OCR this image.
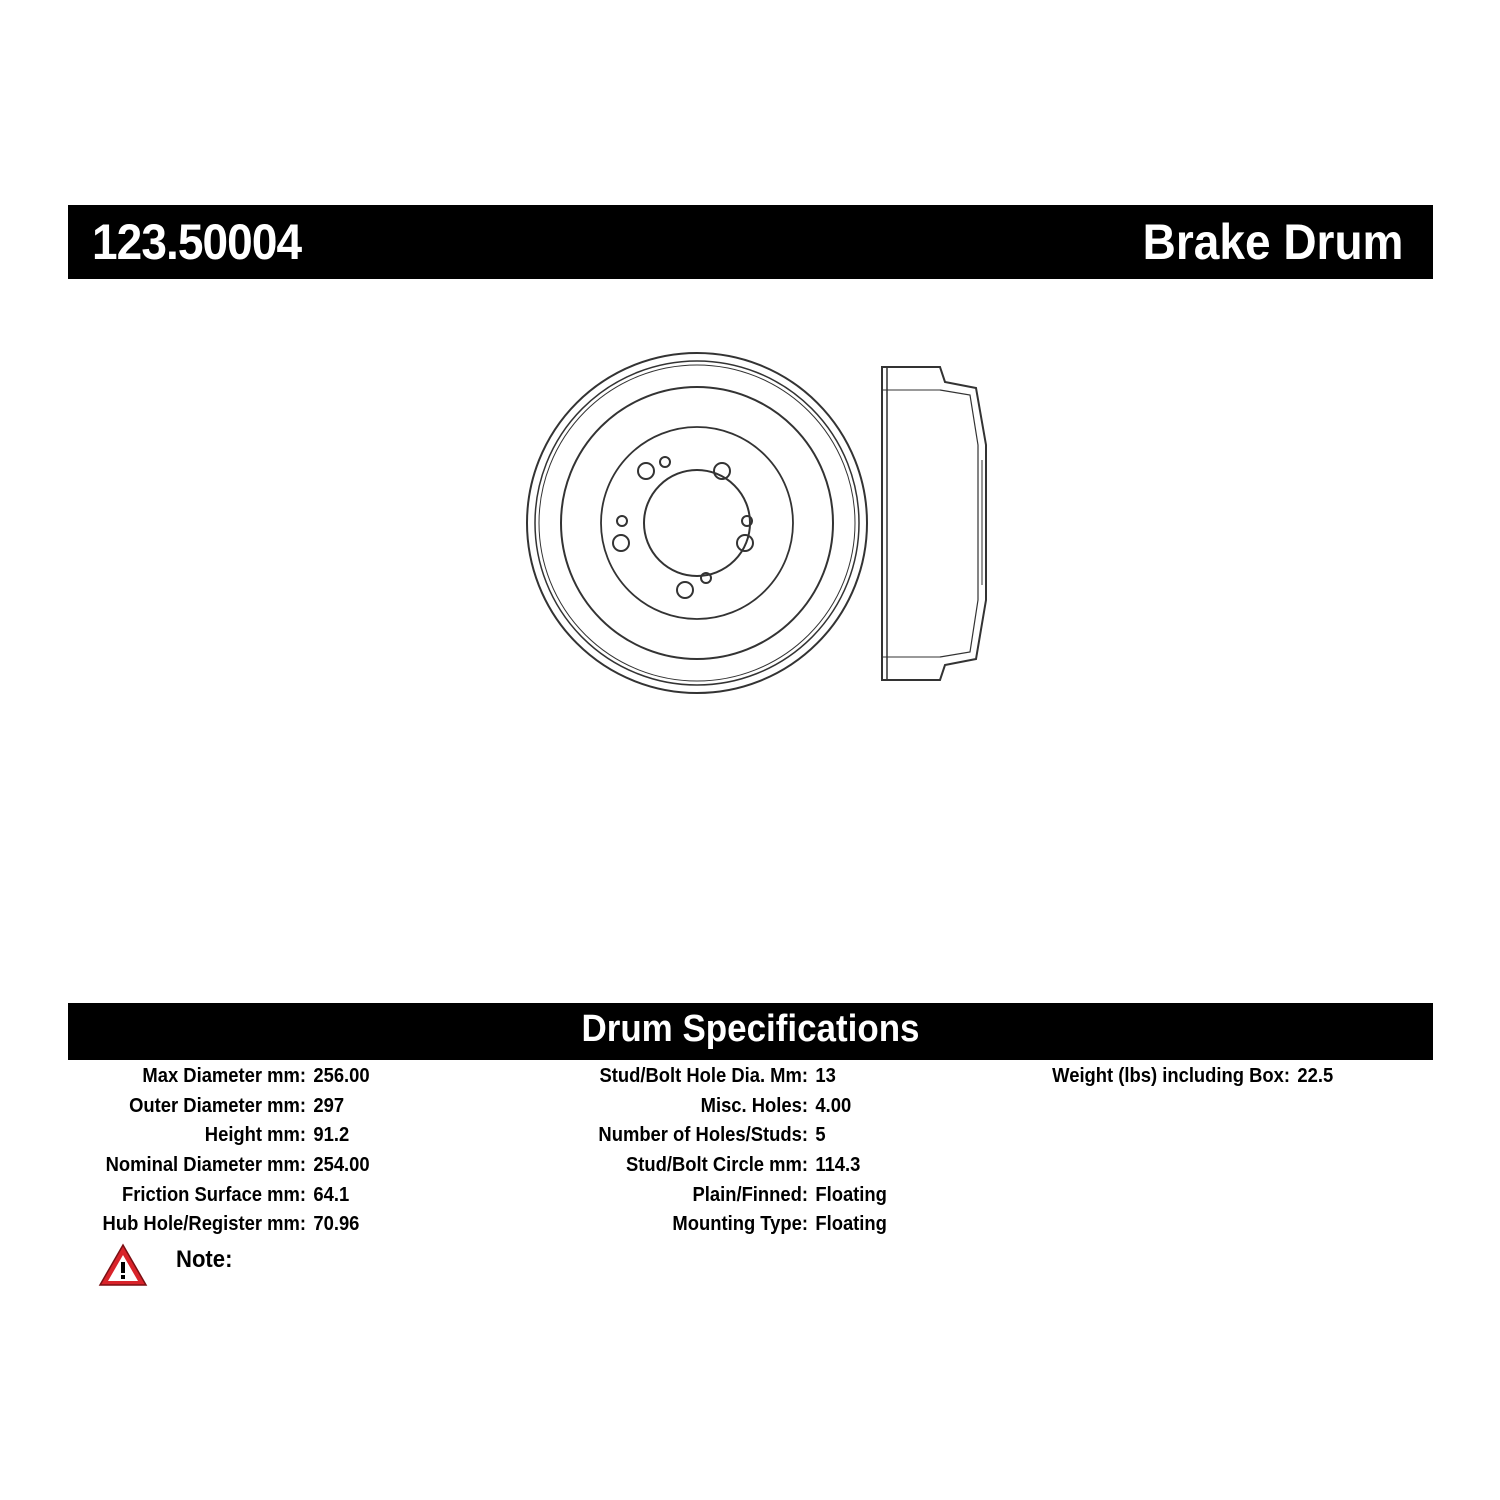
123.50004	Brake Drum
Drum Specifications
Max Diameter mm: 256.00
Outer Diameter mm: 297
Height mm: 91.2
Nominal Diameter mm: 254.00
Friction Surface mm: 64.1
Hub Hole/Register mm: 70.96
Stud/Bolt Hole Dia. Mm: 13
Misc. Holes: 4.00
Number of Holes/Studs: 5
Stud/Bolt Circle mm: 114.3
Plain/Finned: Floating
Mounting Type: Floating
Weight (lbs) including Box: 22.5
Note:
